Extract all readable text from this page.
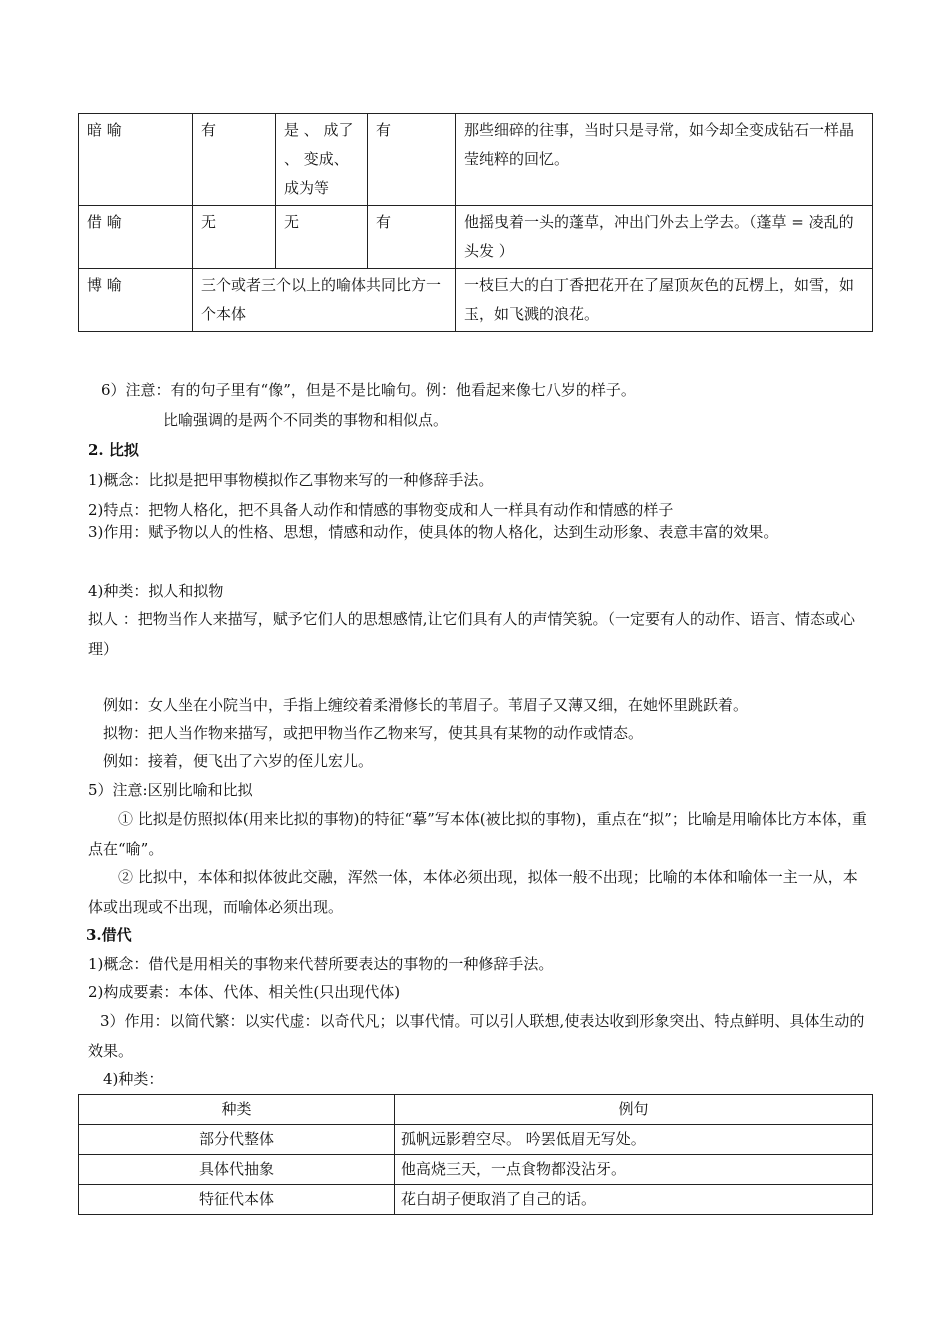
暗 喻	有	是 、 成了 、 变成、成为等	有	那些细碎的往事，当时只是寻常，如今却全变成钻石一样晶莹纯粹的回忆。
借 喻	无	无	有	他摇曳着一头的蓬草，冲出门外去上学去。（蓬草 = 凌乱的头发 ）
博 喻	三个或者三个以上的喻体共同比方一个本体			一枝巨大的白丁香把花开在了屋顶灰色的瓦楞上，如雪，如玉，如飞溅的浪花。
6）注意：有的句子里有“像”，但是不是比喻句。例：他看起来像七八岁的样子。
比喻强调的是两个不同类的事物和相似点。
2. 比拟
1)概念：比拟是把甲事物模拟作乙事物来写的一种修辞手法。
2)特点：把物人格化，把不具备人动作和情感的事物变成和人一样具有动作和情感的样子
3)作用：赋予物以人的性格、思想，情感和动作，使具体的物人格化，达到生动形象、表意丰富的效果。
4)种类：拟人和拟物
拟人 ：把物当作人来描写，赋予它们人的思想感情,让它们具有人的声情笑貌。（一定要有人的动作、语言、情态或心理）
例如：女人坐在小院当中，手指上缠绞着柔滑修长的苇眉子。苇眉子又薄又细，在她怀里跳跃着。
拟物：把人当作物来描写，或把甲物当作乙物来写，使其具有某物的动作或情态。
例如：接着，便飞出了六岁的侄儿宏儿。
5）注意:区别比喻和比拟
① 比拟是仿照拟体(用来比拟的事物)的特征“摹”写本体(被比拟的事物)，重点在“拟”；比喻是用喻体比方本体，重点在“喻”。
② 比拟中，本体和拟体彼此交融，浑然一体，本体必须出现，拟体一般不出现；比喻的本体和喻体一主一从，本体或出现或不出现，而喻体必须出现。
3.借代
1)概念：借代是用相关的事物来代替所要表达的事物的一种修辞手法。
2)构成要素：本体、代体、相关性(只出现代体)
3）作用：以简代繁：以实代虚：以奇代凡；以事代情。可以引人联想,使表达收到形象突出、特点鲜明、具体生动的效果。
4)种类：
种类	例句
部分代整体	孤帆远影碧空尽。 吟罢低眉无写处。
具体代抽象	他高烧三天，一点食物都没沾牙。
特征代本体	花白胡子便取消了自己的话。
